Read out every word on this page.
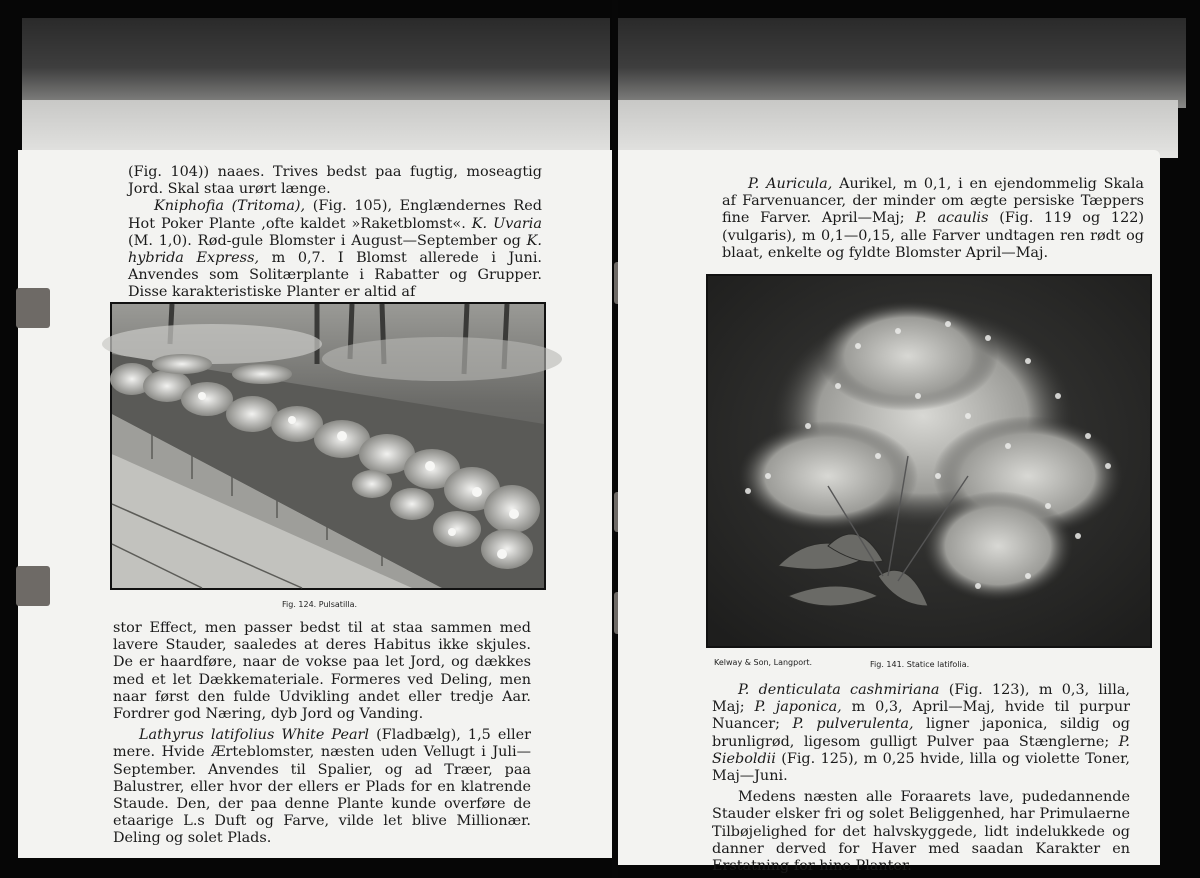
(Fig. 104)) naaes. Trives bedst paa fugtig, moseagtig Jord. Skal staa urørt længe.

Kniphofia (Tritoma), (Fig. 105), Englændernes Red Hot Poker Plante ,ofte kaldet »Raketblomst«. K. Uvaria (M. 1,0). Rød-gule Blomster i August—September og K. hybrida Express, m 0,7. I Blomst allerede i Juni. Anvendes som Solitærplante i Rabatter og Grupper. Disse karakteristiske Planter er altid af

Fig. 124. Pulsatilla.

stor Effect, men passer bedst til at staa sammen med lavere Stauder, saaledes at deres Habitus ikke skjules. De er haardføre, naar de vokse paa let Jord, og dækkes med et let Dækkemateriale. Formeres ved Deling, men naar først den fulde Udvikling andet eller tredje Aar. Fordrer god Næring, dyb Jord og Vanding.

Lathyrus latifolius White Pearl (Fladbælg), 1,5 eller mere. Hvide Ærteblomster, næsten uden Vellugt i Juli—September. Anvendes til Spalier, og ad Træer, paa Balustrer, eller hvor der ellers er Plads for en klatrende Staude. Den, der paa denne Plante kunde overføre de etaarige L.s Duft og Farve, vilde let blive Millionær. Deling og solet Plads.

P. Auricula, Aurikel, m 0,1, i en ejendommelig Skala af Farvenuancer, der minder om ægte persiske Tæppers fine Farver. April—Maj; P. acaulis (Fig. 119 og 122) (vulgaris), m 0,1—0,15, alle Farver undtagen ren rødt og blaat, enkelte og fyldte Blomster April—Maj.

Kelway & Son, Langport.	Fig. 141. Statice latifolia.

P. denticulata cashmiriana (Fig. 123), m 0,3, lilla, Maj; P. japonica, m 0,3, April—Maj, hvide til purpur Nuancer; P. pulverulenta, ligner japonica, sildig og brunligrød, ligesom gulligt Pulver paa Stænglerne; P. Sieboldii (Fig. 125), m 0,25 hvide, lilla og violette Toner, Maj—Juni.

Medens næsten alle Foraarets lave, pudedannende Stauder elsker fri og solet Beliggenhed, har Primulaerne Tilbøjelighed for det halvskyggede, lidt indelukkede og danner derved for Haver med saadan Karakter en Erstatning for hine Planter.
